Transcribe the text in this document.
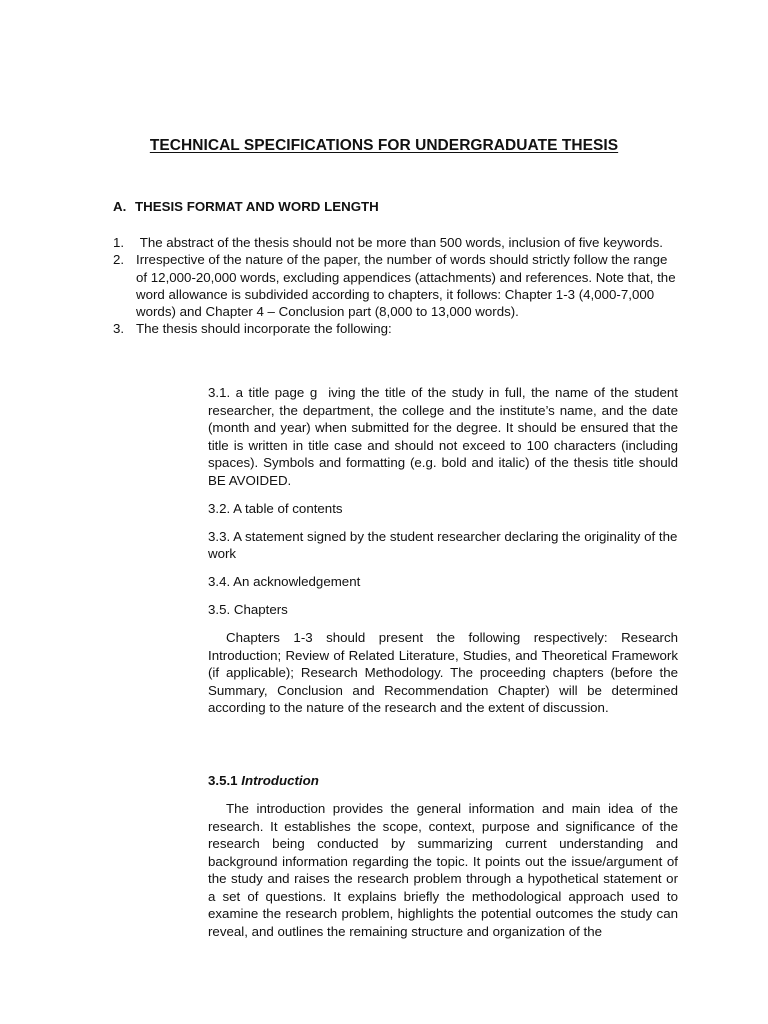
TECHNICAL SPECIFICATIONS FOR UNDERGRADUATE THESIS
A. THESIS FORMAT AND WORD LENGTH
1. The abstract of the thesis should not be more than 500 words, inclusion of five keywords.
2. Irrespective of the nature of the paper, the number of words should strictly follow the range of 12,000-20,000 words, excluding appendices (attachments) and references. Note that, the word allowance is subdivided according to chapters, it follows: Chapter 1-3 (4,000-7,000 words) and Chapter 4 – Conclusion part (8,000 to 13,000 words).
3. The thesis should incorporate the following:

3.1. a title page g  iving the title of the study in full, the name of the student researcher, the department, the college and the institute’s name, and the date (month and year) when submitted for the degree. It should be ensured that the title is written in title case and should not exceed to 100 characters (including spaces). Symbols and formatting (e.g. bold and italic) of the thesis title should BE AVOIDED.

3.2. A table of contents

3.3. A statement signed by the student researcher declaring the originality of the work

3.4. An acknowledgement

3.5. Chapters

Chapters 1-3 should present the following respectively: Research Introduction; Review of Related Literature, Studies, and Theoretical Framework (if applicable); Research Methodology. The proceeding chapters (before the Summary, Conclusion and Recommendation Chapter) will be determined according to the nature of the research and the extent of discussion.

3.5.1 Introduction

The introduction provides the general information and main idea of the research. It establishes the scope, context, purpose and significance of the research being conducted by summarizing current understanding and background information regarding the topic. It points out the issue/argument of the study and raises the research problem through a hypothetical statement or a set of questions. It explains briefly the methodological approach used to examine the research problem, highlights the potential outcomes the study can reveal, and outlines the remaining structure and organization of the
